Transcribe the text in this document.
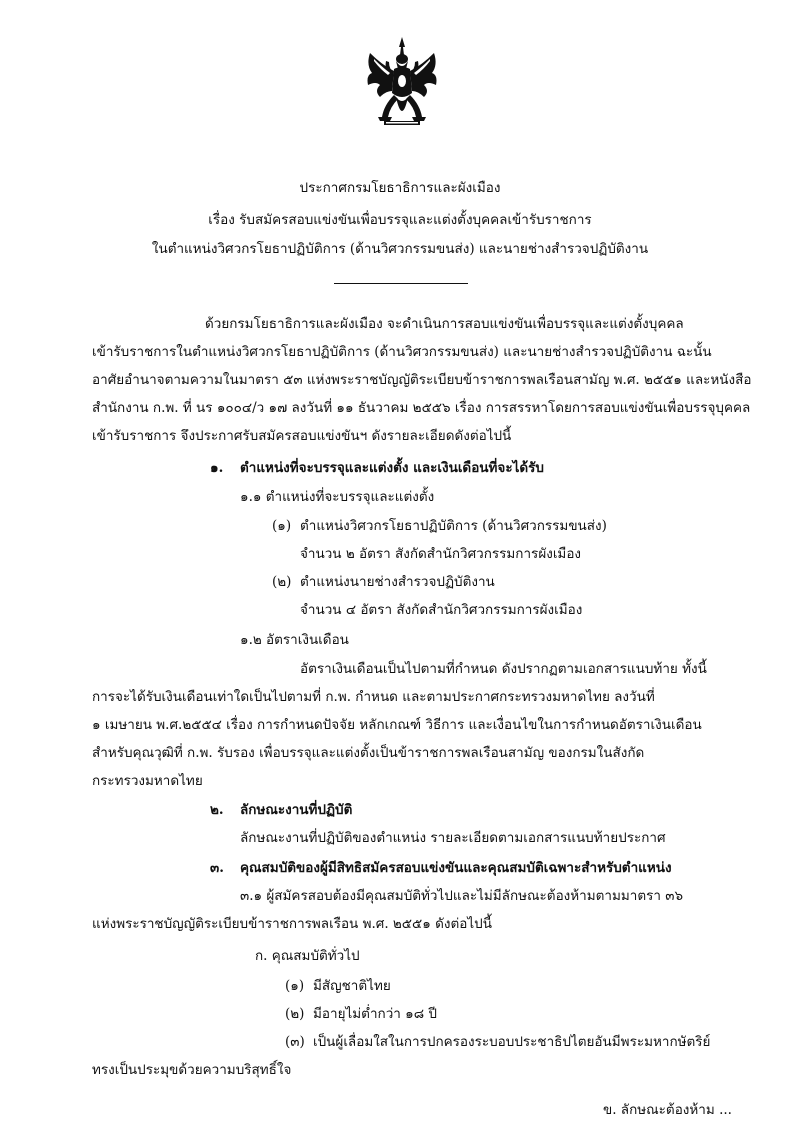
ประกาศกรมโยธาธิการและผังเมือง
เรื่อง รับสมัครสอบแข่งขันเพื่อบรรจุและแต่งตั้งบุคคลเข้ารับราชการ
ในตำแหน่งวิศวกรโยธาปฏิบัติการ (ด้านวิศวกรรมขนส่ง) และนายช่างสำรวจปฏิบัติงาน
ด้วยกรมโยธาธิการและผังเมือง จะดำเนินการสอบแข่งขันเพื่อบรรจุและแต่งตั้งบุคคล
เข้ารับราชการในตำแหน่งวิศวกรโยธาปฏิบัติการ (ด้านวิศวกรรมขนส่ง) และนายช่างสำรวจปฏิบัติงาน ฉะนั้น
อาศัยอำนาจตามความในมาตรา ๕๓ แห่งพระราชบัญญัติระเบียบข้าราชการพลเรือนสามัญ พ.ศ. ๒๕๕๑ และหนังสือ
สำนักงาน ก.พ. ที่ นร ๑๐๐๔/ว ๑๗ ลงวันที่ ๑๑ ธันวาคม ๒๕๕๖ เรื่อง การสรรหาโดยการสอบแข่งขันเพื่อบรรจุบุคคล
เข้ารับราชการ จึงประกาศรับสมัครสอบแข่งขันฯ ดังรายละเอียดดังต่อไปนี้
๑. ตำแหน่งที่จะบรรจุและแต่งตั้ง และเงินเดือนที่จะได้รับ
๑.๑ ตำแหน่งที่จะบรรจุและแต่งตั้ง
(๑) ตำแหน่งวิศวกรโยธาปฏิบัติการ (ด้านวิศวกรรมขนส่ง)
จำนวน ๒ อัตรา สังกัดสำนักวิศวกรรมการผังเมือง
(๒) ตำแหน่งนายช่างสำรวจปฏิบัติงาน
จำนวน ๔ อัตรา สังกัดสำนักวิศวกรรมการผังเมือง
๑.๒ อัตราเงินเดือน
อัตราเงินเดือนเป็นไปตามที่กำหนด ดังปรากฏตามเอกสารแนบท้าย ทั้งนี้
การจะได้รับเงินเดือนเท่าใดเป็นไปตามที่ ก.พ. กำหนด และตามประกาศกระทรวงมหาดไทย ลงวันที่
๑ เมษายน พ.ศ.๒๕๕๔ เรื่อง การกำหนดปัจจัย หลักเกณฑ์ วิธีการ และเงื่อนไขในการกำหนดอัตราเงินเดือน
สำหรับคุณวุฒิที่ ก.พ. รับรอง เพื่อบรรจุและแต่งตั้งเป็นข้าราชการพลเรือนสามัญ ของกรมในสังกัด
กระทรวงมหาดไทย
๒. ลักษณะงานที่ปฏิบัติ
ลักษณะงานที่ปฏิบัติของตำแหน่ง รายละเอียดตามเอกสารแนบท้ายประกาศ
๓. คุณสมบัติของผู้มีสิทธิสมัครสอบแข่งขันและคุณสมบัติเฉพาะสำหรับตำแหน่ง
๓.๑ ผู้สมัครสอบต้องมีคุณสมบัติทั่วไปและไม่มีลักษณะต้องห้ามตามมาตรา ๓๖
แห่งพระราชบัญญัติระเบียบข้าราชการพลเรือน พ.ศ. ๒๕๕๑ ดังต่อไปนี้
ก. คุณสมบัติทั่วไป
(๑) มีสัญชาติไทย
(๒) มีอายุไม่ต่ำกว่า ๑๘ ปี
(๓) เป็นผู้เลื่อมใสในการปกครองระบอบประชาธิปไตยอันมีพระมหากษัตริย์
ทรงเป็นประมุขด้วยความบริสุทธิ์ใจ
ข. ลักษณะต้องห้าม ...
